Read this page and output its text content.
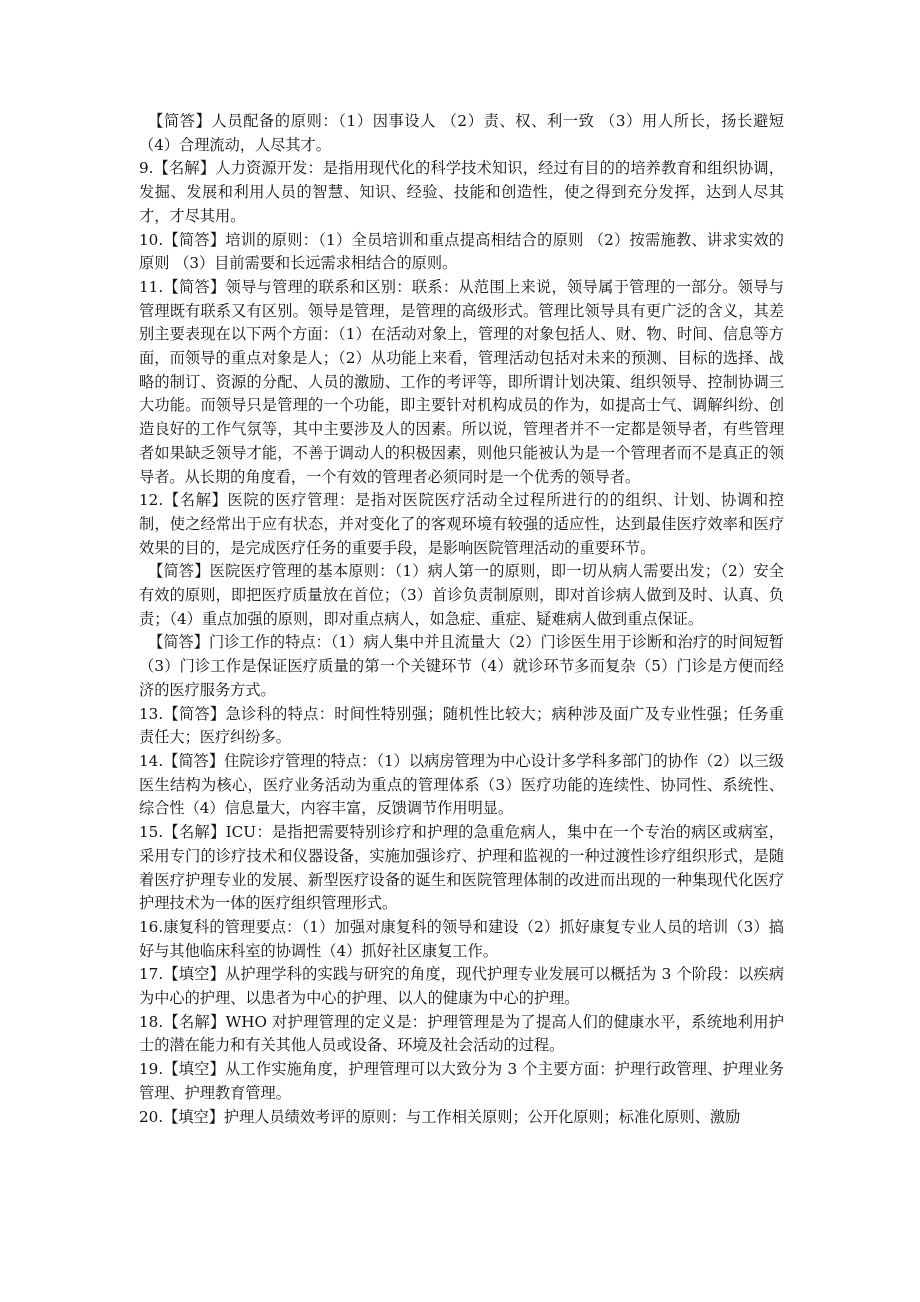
【简答】人员配备的原则：（1）因事设人 （2）责、权、利一致 （3）用人所长，扬长避短 （4）合理流动，人尽其才。

9.【名解】人力资源开发：是指用现代化的科学技术知识，经过有目的的培养教育和组织协调，发掘、发展和利用人员的智慧、知识、经验、技能和创造性，使之得到充分发挥，达到人尽其才，才尽其用。

10.【简答】培训的原则：（1）全员培训和重点提高相结合的原则 （2）按需施教、讲求实效的原则 （3）目前需要和长远需求相结合的原则。

11.【简答】领导与管理的联系和区别：联系：从范围上来说，领导属于管理的一部分。领导与管理既有联系又有区别。领导是管理，是管理的高级形式。管理比领导具有更广泛的含义，其差别主要表现在以下两个方面：（1）在活动对象上，管理的对象包括人、财、物、时间、信息等方面，而领导的重点对象是人；（2）从功能上来看，管理活动包括对未来的预测、目标的选择、战略的制订、资源的分配、人员的激励、工作的考评等，即所谓计划决策、组织领导、控制协调三大功能。而领导只是管理的一个功能，即主要针对机构成员的作为，如提高士气、调解纠纷、创造良好的工作气氛等，其中主要涉及人的因素。所以说，管理者并不一定都是领导者，有些管理者如果缺乏领导才能，不善于调动人的积极因素，则他只能被认为是一个管理者而不是真正的领导者。从长期的角度看，一个有效的管理者必须同时是一个优秀的领导者。

12.【名解】医院的医疗管理：是指对医院医疗活动全过程所进行的的组织、计划、协调和控制，使之经常出于应有状态，并对变化了的客观环境有较强的适应性，达到最佳医疗效率和医疗效果的目的，是完成医疗任务的重要手段，是影响医院管理活动的重要环节。

【简答】医院医疗管理的基本原则：（1）病人第一的原则，即一切从病人需要出发；（2）安全有效的原则，即把医疗质量放在首位；（3）首诊负责制原则，即对首诊病人做到及时、认真、负责；（4）重点加强的原则，即对重点病人，如急症、重症、疑难病人做到重点保证。

【简答】门诊工作的特点：（1）病人集中并且流量大（2）门诊医生用于诊断和治疗的时间短暂（3）门诊工作是保证医疗质量的第一个关键环节（4）就诊环节多而复杂（5）门诊是方便而经济的医疗服务方式。

13.【简答】急诊科的特点：时间性特别强；随机性比较大；病种涉及面广及专业性强；任务重责任大；医疗纠纷多。

14.【简答】住院诊疗管理的特点：（1）以病房管理为中心设计多学科多部门的协作（2）以三级医生结构为核心，医疗业务活动为重点的管理体系（3）医疗功能的连续性、协同性、系统性、综合性（4）信息量大，内容丰富，反馈调节作用明显。

15.【名解】ICU：是指把需要特别诊疗和护理的急重危病人，集中在一个专治的病区或病室，采用专门的诊疗技术和仪器设备，实施加强诊疗、护理和监视的一种过渡性诊疗组织形式，是随着医疗护理专业的发展、新型医疗设备的诞生和医院管理体制的改进而出现的一种集现代化医疗护理技术为一体的医疗组织管理形式。

16.康复科的管理要点：（1）加强对康复科的领导和建设（2）抓好康复专业人员的培训（3）搞好与其他临床科室的协调性（4）抓好社区康复工作。

17.【填空】从护理学科的实践与研究的角度，现代护理专业发展可以概括为 3 个阶段：以疾病为中心的护理、以患者为中心的护理、以人的健康为中心的护理。

18.【名解】WHO 对护理管理的定义是：护理管理是为了提高人们的健康水平，系统地利用护士的潜在能力和有关其他人员或设备、环境及社会活动的过程。

19.【填空】从工作实施角度，护理管理可以大致分为 3 个主要方面：护理行政管理、护理业务管理、护理教育管理。

20.【填空】护理人员绩效考评的原则：与工作相关原则；公开化原则；标准化原则、激励
